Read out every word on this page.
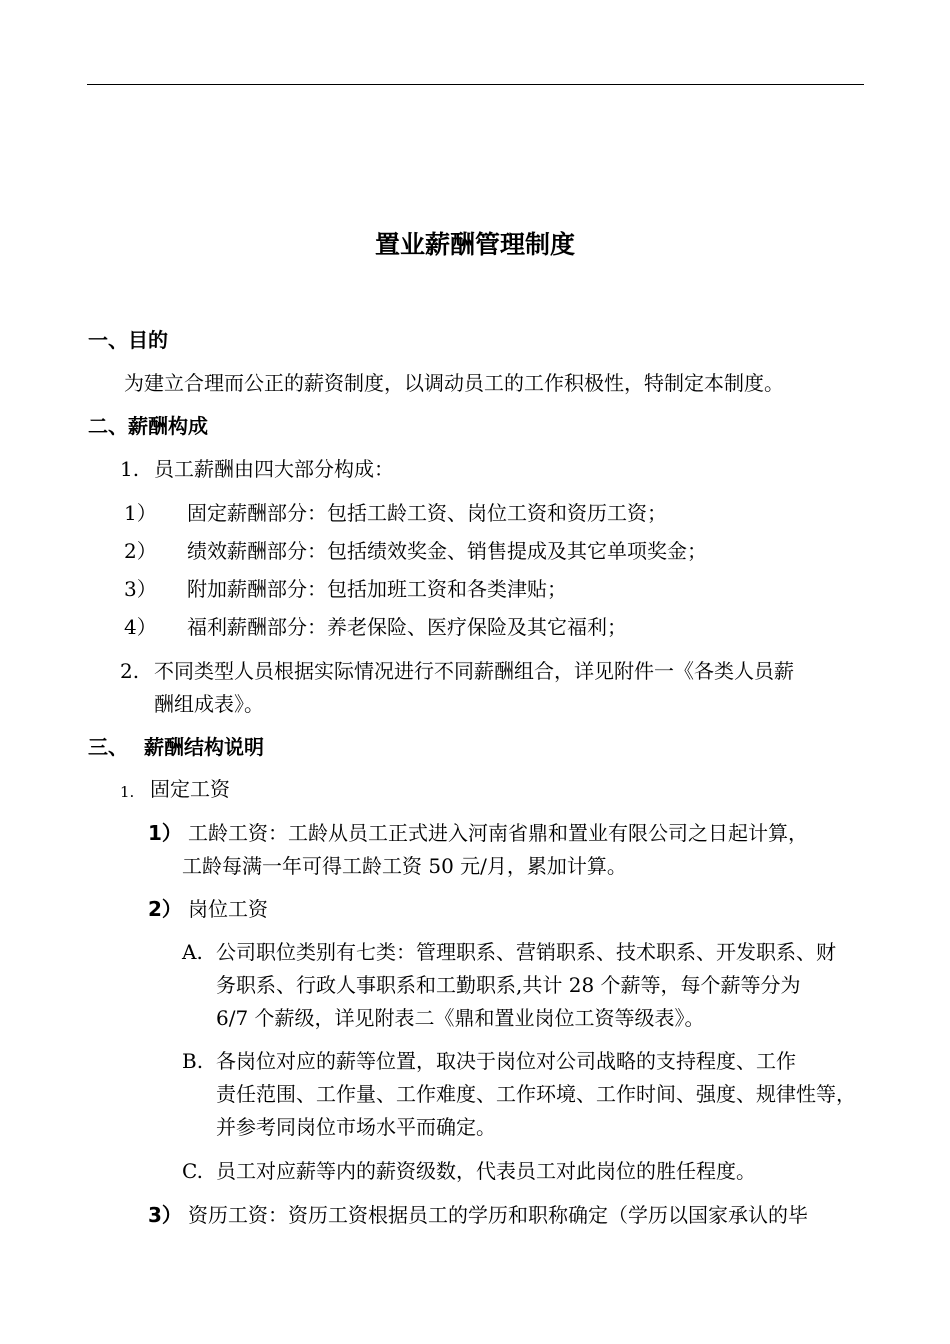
置业薪酬管理制度
一、目的
为建立合理而公正的薪资制度，以调动员工的工作积极性，特制定本制度。
二、薪酬构成
1. 员工薪酬由四大部分构成：
1） 固定薪酬部分：包括工龄工资、岗位工资和资历工资；
2） 绩效薪酬部分：包括绩效奖金、销售提成及其它单项奖金；
3） 附加薪酬部分：包括加班工资和各类津贴；
4） 福利薪酬部分：养老保险、医疗保险及其它福利；
2. 不同类型人员根据实际情况进行不同薪酬组合，详见附件一《各类人员薪
酬组成表》。
三、 薪酬结构说明
1. 固定工资
1） 工龄工资：工龄从员工正式进入河南省鼎和置业有限公司之日起计算，
工龄每满一年可得工龄工资 50 元/月，累加计算。
2） 岗位工资
A. 公司职位类别有七类：管理职系、营销职系、技术职系、开发职系、财
务职系、行政人事职系和工勤职系,共计 28 个薪等，每个薪等分为
6/7 个薪级，详见附表二《鼎和置业岗位工资等级表》。
B. 各岗位对应的薪等位置，取决于岗位对公司战略的支持程度、工作
责任范围、工作量、工作难度、工作环境、工作时间、强度、规律性等，
并参考同岗位市场水平而确定。
C. 员工对应薪等内的薪资级数，代表员工对此岗位的胜任程度。
3） 资历工资：资历工资根据员工的学历和职称确定（学历以国家承认的毕
